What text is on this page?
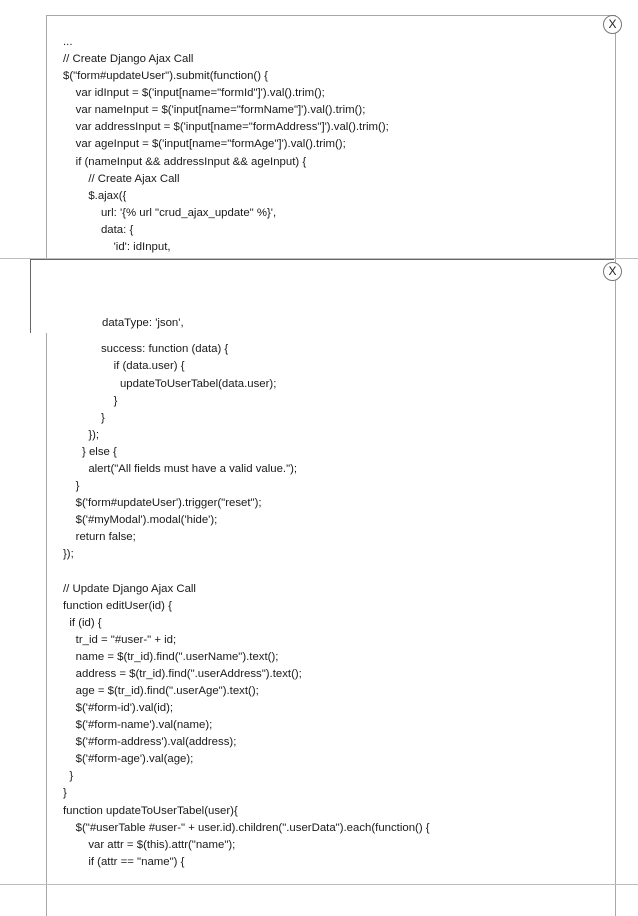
...
// Create Django Ajax Call
$("form#updateUser").submit(function() {
var idInput = $('input[name="formId"]').val().trim();
var nameInput = $('input[name="formName"]').val().trim();
var addressInput = $('input[name="formAddress"]').val().trim();
var ageInput = $('input[name="formAge"]').val().trim();
if (nameInput && addressInput && ageInput) {
// Create Ajax Call
$.ajax({
url: '{% url "crud_ajax_update" %}',
data: {
'id': idInput,
success: function (data) {
if (data.user) {
updateToUserTabel(data.user);
}
}
});
} else {
alert("All fields must have a valid value.");
}
$('form#updateUser').trigger("reset");
$('#myModal').modal('hide');
return false;
});
// Update Django Ajax Call
function editUser(id) {
if (id) {
tr_id = "#user-" + id;
name = $(tr_id).find(".userName").text();
address = $(tr_id).find(".userAddress").text();
age = $(tr_id).find(".userAge").text();
$('#form-id').val(id);
$('#form-name').val(name);
$('#form-address').val(address);
$('#form-age').val(age);
}
}
function updateToUserTabel(user){
$("#userTable #user-" + user.id).children(".userData").each(function() {
var attr = $(this).attr("name");
if (attr == "name") {
dataType: 'json',
X
X
